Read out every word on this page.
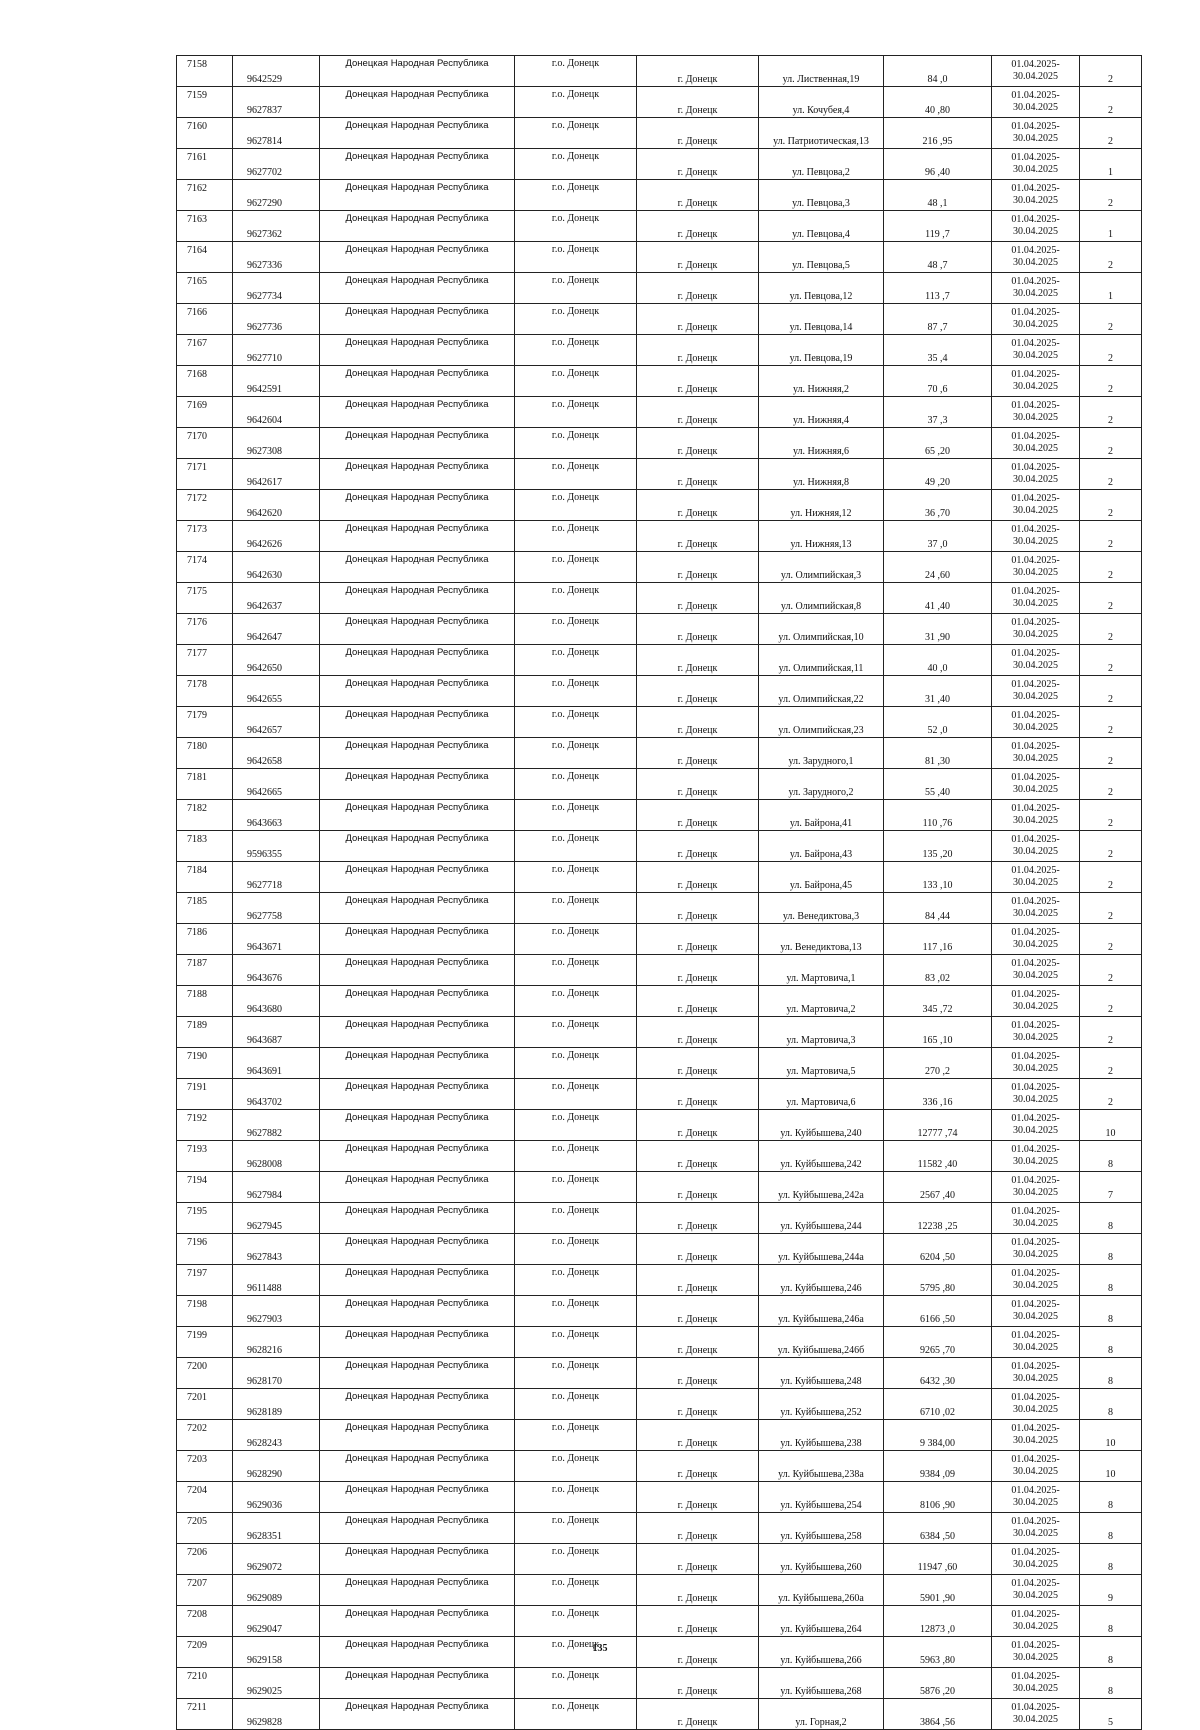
7158	9642529	Донецкая Народная Республика	г.о. Донецк	г. Донецк	ул. Лиственная,19	84 ,0	01.04.2025-
30.04.2025	2
7159	9627837	Донецкая Народная Республика	г.о. Донецк	г. Донецк	ул. Кочубея,4	40 ,80	01.04.2025-
30.04.2025	2
7160	9627814	Донецкая Народная Республика	г.о. Донецк	г. Донецк	ул. Патриотическая,13	216 ,95	01.04.2025-
30.04.2025	2
7161	9627702	Донецкая Народная Республика	г.о. Донецк	г. Донецк	ул. Певцова,2	96 ,40	01.04.2025-
30.04.2025	1
7162	9627290	Донецкая Народная Республика	г.о. Донецк	г. Донецк	ул. Певцова,3	48 ,1	01.04.2025-
30.04.2025	2
7163	9627362	Донецкая Народная Республика	г.о. Донецк	г. Донецк	ул. Певцова,4	119 ,7	01.04.2025-
30.04.2025	1
7164	9627336	Донецкая Народная Республика	г.о. Донецк	г. Донецк	ул. Певцова,5	48 ,7	01.04.2025-
30.04.2025	2
7165	9627734	Донецкая Народная Республика	г.о. Донецк	г. Донецк	ул. Певцова,12	113 ,7	01.04.2025-
30.04.2025	1
7166	9627736	Донецкая Народная Республика	г.о. Донецк	г. Донецк	ул. Певцова,14	87 ,7	01.04.2025-
30.04.2025	2
7167	9627710	Донецкая Народная Республика	г.о. Донецк	г. Донецк	ул. Певцова,19	35 ,4	01.04.2025-
30.04.2025	2
7168	9642591	Донецкая Народная Республика	г.о. Донецк	г. Донецк	ул. Нижняя,2	70 ,6	01.04.2025-
30.04.2025	2
7169	9642604	Донецкая Народная Республика	г.о. Донецк	г. Донецк	ул. Нижняя,4	37 ,3	01.04.2025-
30.04.2025	2
7170	9627308	Донецкая Народная Республика	г.о. Донецк	г. Донецк	ул. Нижняя,6	65 ,20	01.04.2025-
30.04.2025	2
7171	9642617	Донецкая Народная Республика	г.о. Донецк	г. Донецк	ул. Нижняя,8	49 ,20	01.04.2025-
30.04.2025	2
7172	9642620	Донецкая Народная Республика	г.о. Донецк	г. Донецк	ул. Нижняя,12	36 ,70	01.04.2025-
30.04.2025	2
7173	9642626	Донецкая Народная Республика	г.о. Донецк	г. Донецк	ул. Нижняя,13	37 ,0	01.04.2025-
30.04.2025	2
7174	9642630	Донецкая Народная Республика	г.о. Донецк	г. Донецк	ул. Олимпийская,3	24 ,60	01.04.2025-
30.04.2025	2
7175	9642637	Донецкая Народная Республика	г.о. Донецк	г. Донецк	ул. Олимпийская,8	41 ,40	01.04.2025-
30.04.2025	2
7176	9642647	Донецкая Народная Республика	г.о. Донецк	г. Донецк	ул. Олимпийская,10	31 ,90	01.04.2025-
30.04.2025	2
7177	9642650	Донецкая Народная Республика	г.о. Донецк	г. Донецк	ул. Олимпийская,11	40 ,0	01.04.2025-
30.04.2025	2
7178	9642655	Донецкая Народная Республика	г.о. Донецк	г. Донецк	ул. Олимпийская,22	31 ,40	01.04.2025-
30.04.2025	2
7179	9642657	Донецкая Народная Республика	г.о. Донецк	г. Донецк	ул. Олимпийская,23	52 ,0	01.04.2025-
30.04.2025	2
7180	9642658	Донецкая Народная Республика	г.о. Донецк	г. Донецк	ул. Зарудного,1	81 ,30	01.04.2025-
30.04.2025	2
7181	9642665	Донецкая Народная Республика	г.о. Донецк	г. Донецк	ул. Зарудного,2	55 ,40	01.04.2025-
30.04.2025	2
7182	9643663	Донецкая Народная Республика	г.о. Донецк	г. Донецк	ул. Байрона,41	110 ,76	01.04.2025-
30.04.2025	2
7183	9596355	Донецкая Народная Республика	г.о. Донецк	г. Донецк	ул. Байрона,43	135 ,20	01.04.2025-
30.04.2025	2
7184	9627718	Донецкая Народная Республика	г.о. Донецк	г. Донецк	ул. Байрона,45	133 ,10	01.04.2025-
30.04.2025	2
7185	9627758	Донецкая Народная Республика	г.о. Донецк	г. Донецк	ул. Венедиктова,3	84 ,44	01.04.2025-
30.04.2025	2
7186	9643671	Донецкая Народная Республика	г.о. Донецк	г. Донецк	ул. Венедиктова,13	117 ,16	01.04.2025-
30.04.2025	2
7187	9643676	Донецкая Народная Республика	г.о. Донецк	г. Донецк	ул. Мартовича,1	83 ,02	01.04.2025-
30.04.2025	2
7188	9643680	Донецкая Народная Республика	г.о. Донецк	г. Донецк	ул. Мартовича,2	345 ,72	01.04.2025-
30.04.2025	2
7189	9643687	Донецкая Народная Республика	г.о. Донецк	г. Донецк	ул. Мартовича,3	165 ,10	01.04.2025-
30.04.2025	2
7190	9643691	Донецкая Народная Республика	г.о. Донецк	г. Донецк	ул. Мартовича,5	270 ,2	01.04.2025-
30.04.2025	2
7191	9643702	Донецкая Народная Республика	г.о. Донецк	г. Донецк	ул. Мартовича,6	336 ,16	01.04.2025-
30.04.2025	2
7192	9627882	Донецкая Народная Республика	г.о. Донецк	г. Донецк	ул. Куйбышева,240	12777 ,74	01.04.2025-
30.04.2025	10
7193	9628008	Донецкая Народная Республика	г.о. Донецк	г. Донецк	ул. Куйбышева,242	11582 ,40	01.04.2025-
30.04.2025	8
7194	9627984	Донецкая Народная Республика	г.о. Донецк	г. Донецк	ул. Куйбышева,242а	2567 ,40	01.04.2025-
30.04.2025	7
7195	9627945	Донецкая Народная Республика	г.о. Донецк	г. Донецк	ул. Куйбышева,244	12238 ,25	01.04.2025-
30.04.2025	8
7196	9627843	Донецкая Народная Республика	г.о. Донецк	г. Донецк	ул. Куйбышева,244а	6204 ,50	01.04.2025-
30.04.2025	8
7197	9611488	Донецкая Народная Республика	г.о. Донецк	г. Донецк	ул. Куйбышева,246	5795 ,80	01.04.2025-
30.04.2025	8
7198	9627903	Донецкая Народная Республика	г.о. Донецк	г. Донецк	ул. Куйбышева,246а	6166 ,50	01.04.2025-
30.04.2025	8
7199	9628216	Донецкая Народная Республика	г.о. Донецк	г. Донецк	ул. Куйбышева,246б	9265 ,70	01.04.2025-
30.04.2025	8
7200	9628170	Донецкая Народная Республика	г.о. Донецк	г. Донецк	ул. Куйбышева,248	6432 ,30	01.04.2025-
30.04.2025	8
7201	9628189	Донецкая Народная Республика	г.о. Донецк	г. Донецк	ул. Куйбышева,252	6710 ,02	01.04.2025-
30.04.2025	8
7202	9628243	Донецкая Народная Республика	г.о. Донецк	г. Донецк	ул. Куйбышева,238	9 384,00	01.04.2025-
30.04.2025	10
7203	9628290	Донецкая Народная Республика	г.о. Донецк	г. Донецк	ул. Куйбышева,238а	9384 ,09	01.04.2025-
30.04.2025	10
7204	9629036	Донецкая Народная Республика	г.о. Донецк	г. Донецк	ул. Куйбышева,254	8106 ,90	01.04.2025-
30.04.2025	8
7205	9628351	Донецкая Народная Республика	г.о. Донецк	г. Донецк	ул. Куйбышева,258	6384 ,50	01.04.2025-
30.04.2025	8
7206	9629072	Донецкая Народная Республика	г.о. Донецк	г. Донецк	ул. Куйбышева,260	11947 ,60	01.04.2025-
30.04.2025	8
7207	9629089	Донецкая Народная Республика	г.о. Донецк	г. Донецк	ул. Куйбышева,260а	5901 ,90	01.04.2025-
30.04.2025	9
7208	9629047	Донецкая Народная Республика	г.о. Донецк	г. Донецк	ул. Куйбышева,264	12873 ,0	01.04.2025-
30.04.2025	8
7209	9629158	Донецкая Народная Республика	г.о. Донецк	г. Донецк	ул. Куйбышева,266	5963 ,80	01.04.2025-
30.04.2025	8
7210	9629025	Донецкая Народная Республика	г.о. Донецк	г. Донецк	ул. Куйбышева,268	5876 ,20	01.04.2025-
30.04.2025	8
7211	9629828	Донецкая Народная Республика	г.о. Донецк	г. Донецк	ул. Горная,2	3864 ,56	01.04.2025-
30.04.2025	5
135
